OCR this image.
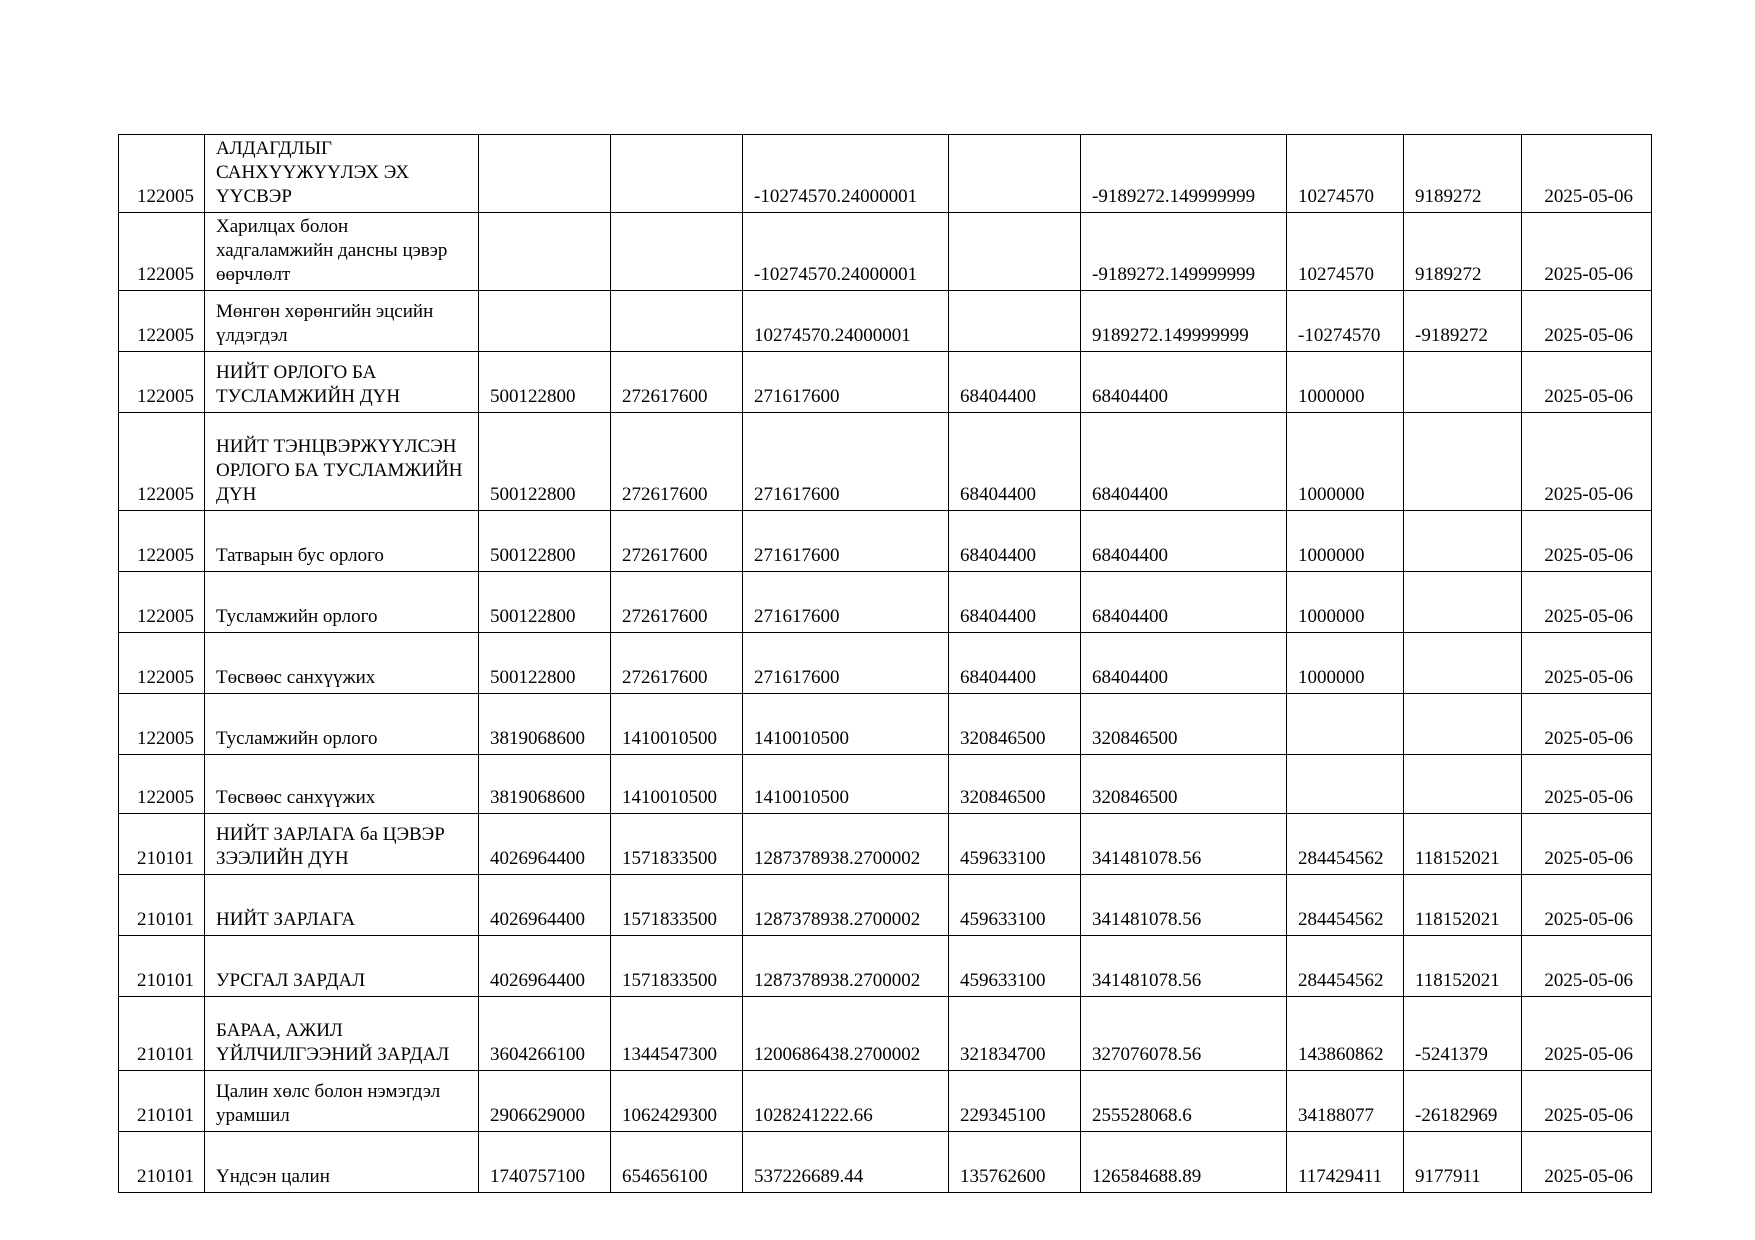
122005	АЛДАГДЛЫГ САНХҮҮЖҮҮЛЭХ ЭХ ҮҮСВЭР			-10274570.24000001		-9189272.149999999	10274570	9189272	2025-05-06
122005	Харилцах болон хадгаламжийн дансны цэвэр өөрчлөлт			-10274570.24000001		-9189272.149999999	10274570	9189272	2025-05-06
122005	Мөнгөн хөрөнгийн эцсийн үлдэгдэл			10274570.24000001		9189272.149999999	-10274570	-9189272	2025-05-06
122005	НИЙТ ОРЛОГО БА ТУСЛАМЖИЙН ДҮН	500122800	272617600	271617600	68404400	68404400	1000000		2025-05-06
122005	НИЙТ ТЭНЦВЭРЖҮҮЛСЭН ОРЛОГО БА ТУСЛАМЖИЙН ДҮН	500122800	272617600	271617600	68404400	68404400	1000000		2025-05-06
122005	Татварын бус орлого	500122800	272617600	271617600	68404400	68404400	1000000		2025-05-06
122005	Тусламжийн орлого	500122800	272617600	271617600	68404400	68404400	1000000		2025-05-06
122005	Төсвөөс санхүүжих	500122800	272617600	271617600	68404400	68404400	1000000		2025-05-06
122005	Тусламжийн орлого	3819068600	1410010500	1410010500	320846500	320846500			2025-05-06
122005	Төсвөөс санхүүжих	3819068600	1410010500	1410010500	320846500	320846500			2025-05-06
210101	НИЙТ ЗАРЛАГА ба ЦЭВЭР ЗЭЭЛИЙН ДҮН	4026964400	1571833500	1287378938.2700002	459633100	341481078.56	284454562	118152021	2025-05-06
210101	НИЙТ ЗАРЛАГА	4026964400	1571833500	1287378938.2700002	459633100	341481078.56	284454562	118152021	2025-05-06
210101	УРСГАЛ ЗАРДАЛ	4026964400	1571833500	1287378938.2700002	459633100	341481078.56	284454562	118152021	2025-05-06
210101	БАРАА, АЖИЛ ҮЙЛЧИЛГЭЭНИЙ ЗАРДАЛ	3604266100	1344547300	1200686438.2700002	321834700	327076078.56	143860862	-5241379	2025-05-06
210101	Цалин хөлс болон нэмэгдэл урамшил	2906629000	1062429300	1028241222.66	229345100	255528068.6	34188077	-26182969	2025-05-06
210101	Үндсэн цалин	1740757100	654656100	537226689.44	135762600	126584688.89	117429411	9177911	2025-05-06
